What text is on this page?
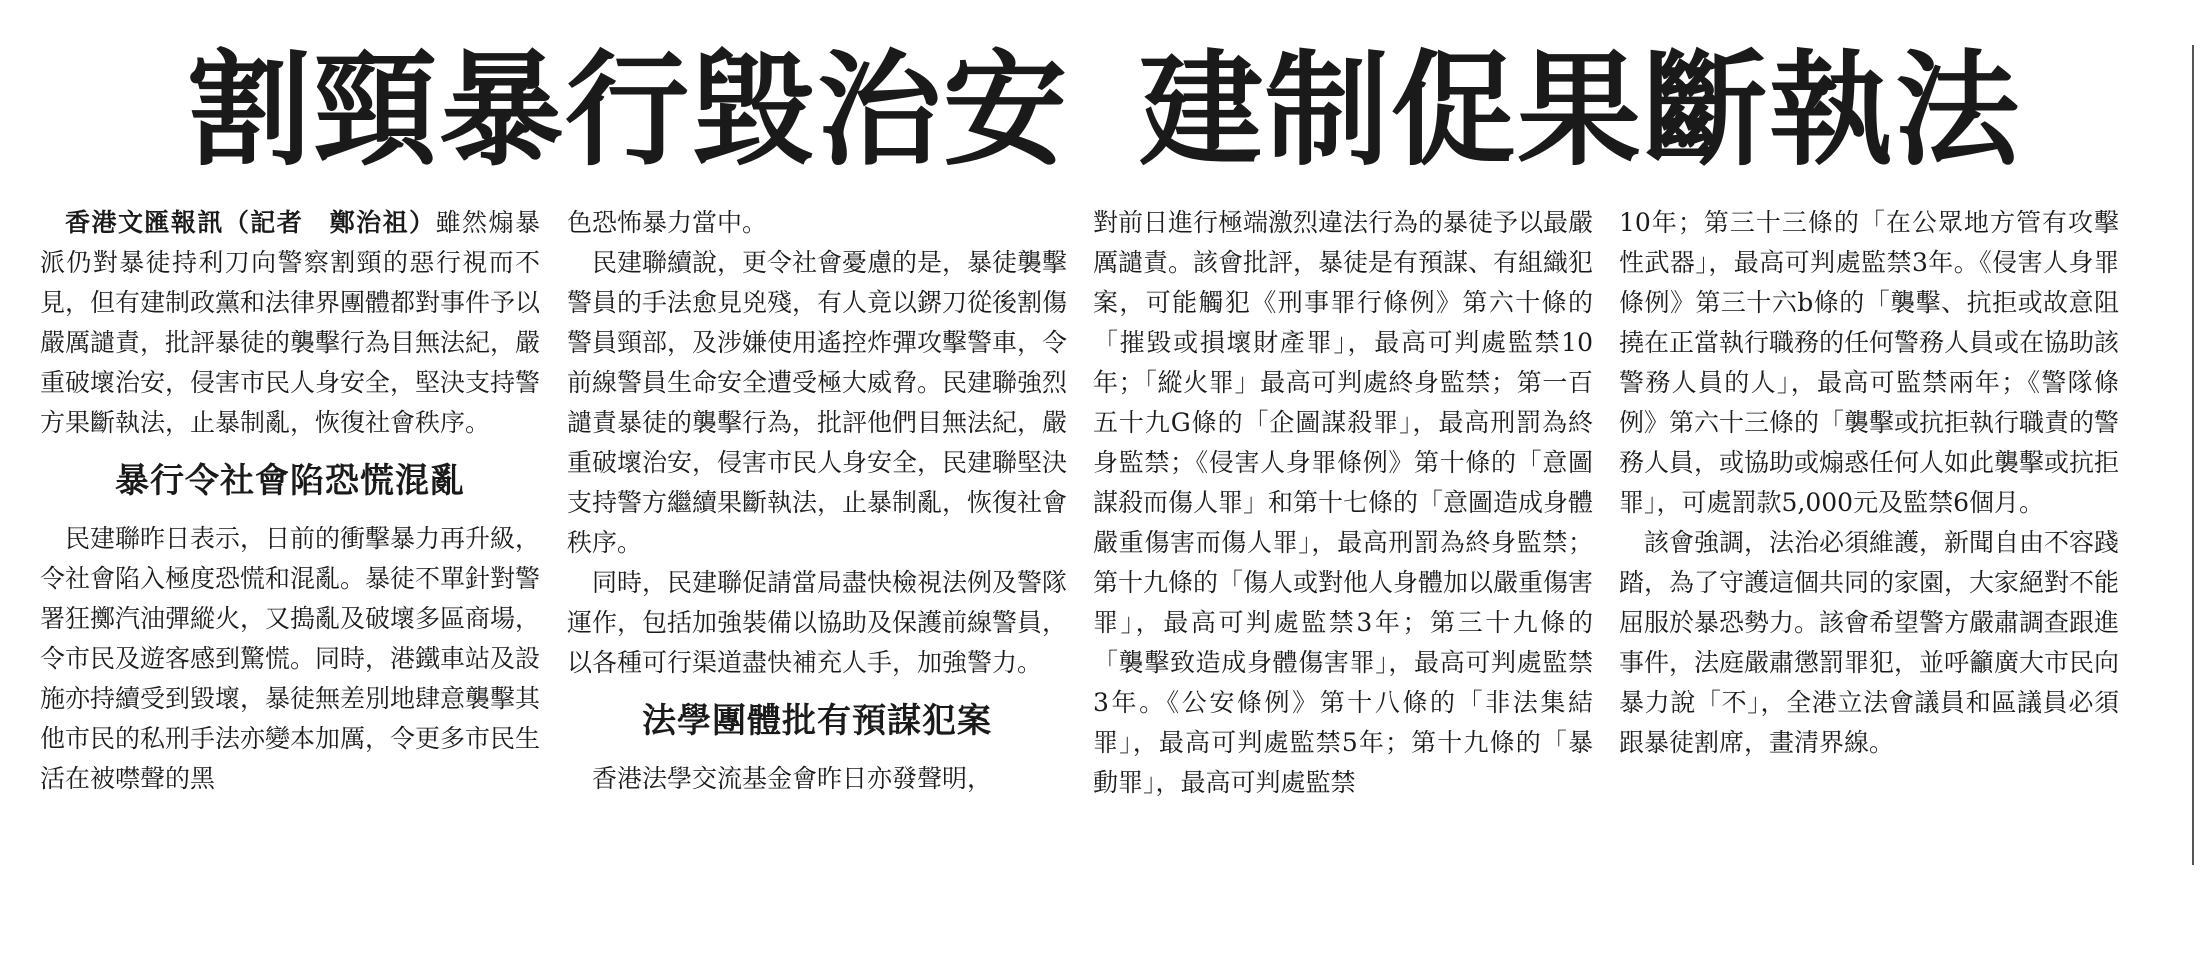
割頸暴行毀治安 建制促果斷執法

香港文匯報訊（記者　鄭治祖）雖然煽暴派仍對暴徒持利刀向警察割頸的惡行視而不見，但有建制政黨和法律界團體都對事件予以嚴厲譴責，批評暴徒的襲擊行為目無法紀，嚴重破壞治安，侵害市民人身安全，堅決支持警方果斷執法，止暴制亂，恢復社會秩序。

暴行令社會陷恐慌混亂

民建聯昨日表示，日前的衝擊暴力再升級，令社會陷入極度恐慌和混亂。暴徒不單針對警署狂擲汽油彈縱火，又搗亂及破壞多區商場，令市民及遊客感到驚慌。同時，港鐵車站及設施亦持續受到毀壞，暴徒無差別地肆意襲擊其他市民的私刑手法亦變本加厲，令更多市民生活在被噤聲的黑

色恐怖暴力當中。

民建聯續說，更令社會憂慮的是，暴徒襲擊警員的手法愈見兇殘，有人竟以鎅刀從後割傷警員頸部，及涉嫌使用遙控炸彈攻擊警車，令前線警員生命安全遭受極大威脅。民建聯強烈譴責暴徒的襲擊行為，批評他們目無法紀，嚴重破壞治安，侵害市民人身安全，民建聯堅決支持警方繼續果斷執法，止暴制亂，恢復社會秩序。

同時，民建聯促請當局盡快檢視法例及警隊運作，包括加強裝備以協助及保護前線警員，以各種可行渠道盡快補充人手，加強警力。

法學團體批有預謀犯案

香港法學交流基金會昨日亦發聲明，

對前日進行極端激烈違法行為的暴徒予以最嚴厲譴責。該會批評，暴徒是有預謀、有組織犯案，可能觸犯《刑事罪行條例》第六十條的「摧毀或損壞財產罪」，最高可判處監禁10年；「縱火罪」最高可判處終身監禁；第一百五十九G條的「企圖謀殺罪」，最高刑罰為終身監禁；《侵害人身罪條例》第十條的「意圖謀殺而傷人罪」和第十七條的「意圖造成身體嚴重傷害而傷人罪」，最高刑罰為終身監禁；第十九條的「傷人或對他人身體加以嚴重傷害罪」，最高可判處監禁3年；第三十九條的「襲擊致造成身體傷害罪」，最高可判處監禁3年。《公安條例》第十八條的「非法集結罪」，最高可判處監禁5年；第十九條的「暴動罪」，最高可判處監禁

10年；第三十三條的「在公眾地方管有攻擊性武器」，最高可判處監禁3年。《侵害人身罪條例》第三十六b條的「襲擊、抗拒或故意阻撓在正當執行職務的任何警務人員或在協助該警務人員的人」，最高可監禁兩年；《警隊條例》第六十三條的「襲擊或抗拒執行職責的警務人員，或協助或煽惑任何人如此襲擊或抗拒罪」，可處罰款5,000元及監禁6個月。

該會強調，法治必須維護，新聞自由不容踐踏，為了守護這個共同的家園，大家絕對不能屈服於暴恐勢力。該會希望警方嚴肅調查跟進事件，法庭嚴肅懲罰罪犯，並呼籲廣大市民向暴力說「不」，全港立法會議員和區議員必須跟暴徒割席，畫清界線。
